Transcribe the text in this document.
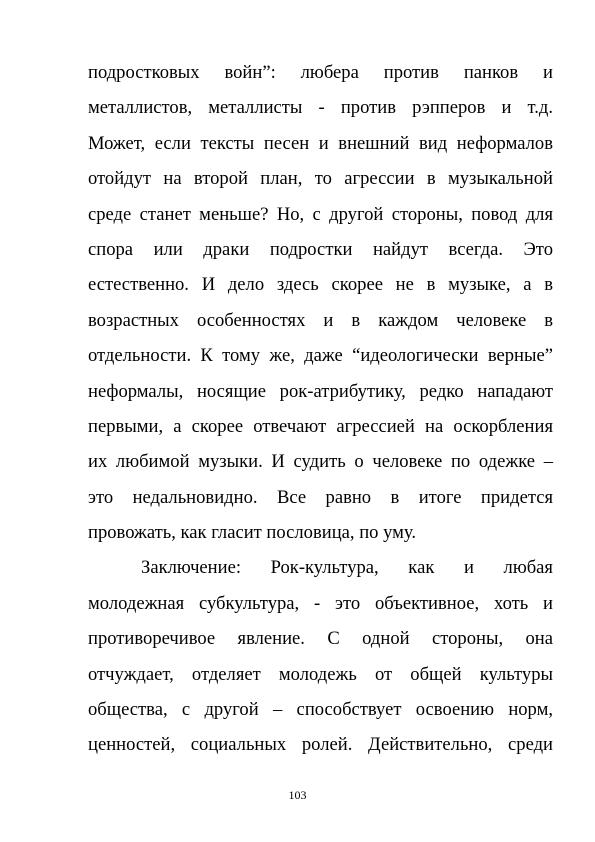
подростковых войн”: люберa против панков и
металлистов, металлисты - против рэпперов и т.д.
Может, если тексты песен и внешний вид неформалов
отойдут на второй план, то агрессии в музыкальной
среде станет меньше? Но, с другой стороны, повод для
спора или драки подростки найдут всегда. Это
естественно. И дело здесь скорее не в музыке, а в
возрастных особенностях и в каждом человеке в
отдельности. К тому же, даже “идеологически верные”
неформалы, носящие рок-атрибутику, редко нападают
первыми, а скорее отвечают агрессией на оскорбления
их любимой музыки. И судить о человеке по одежке –
это недальновидно. Все равно в итоге придется
провожать, как гласит пословица, по уму.
Заключение: Рок-культура, как и любая
молодежная субкультура, - это объективное, хоть и
противоречивое явление. С одной стороны, она
отчуждает, отделяет молодежь от общей культуры
общества, с другой – способствует освоению норм,
ценностей, социальных ролей. Действительно, среди
103
